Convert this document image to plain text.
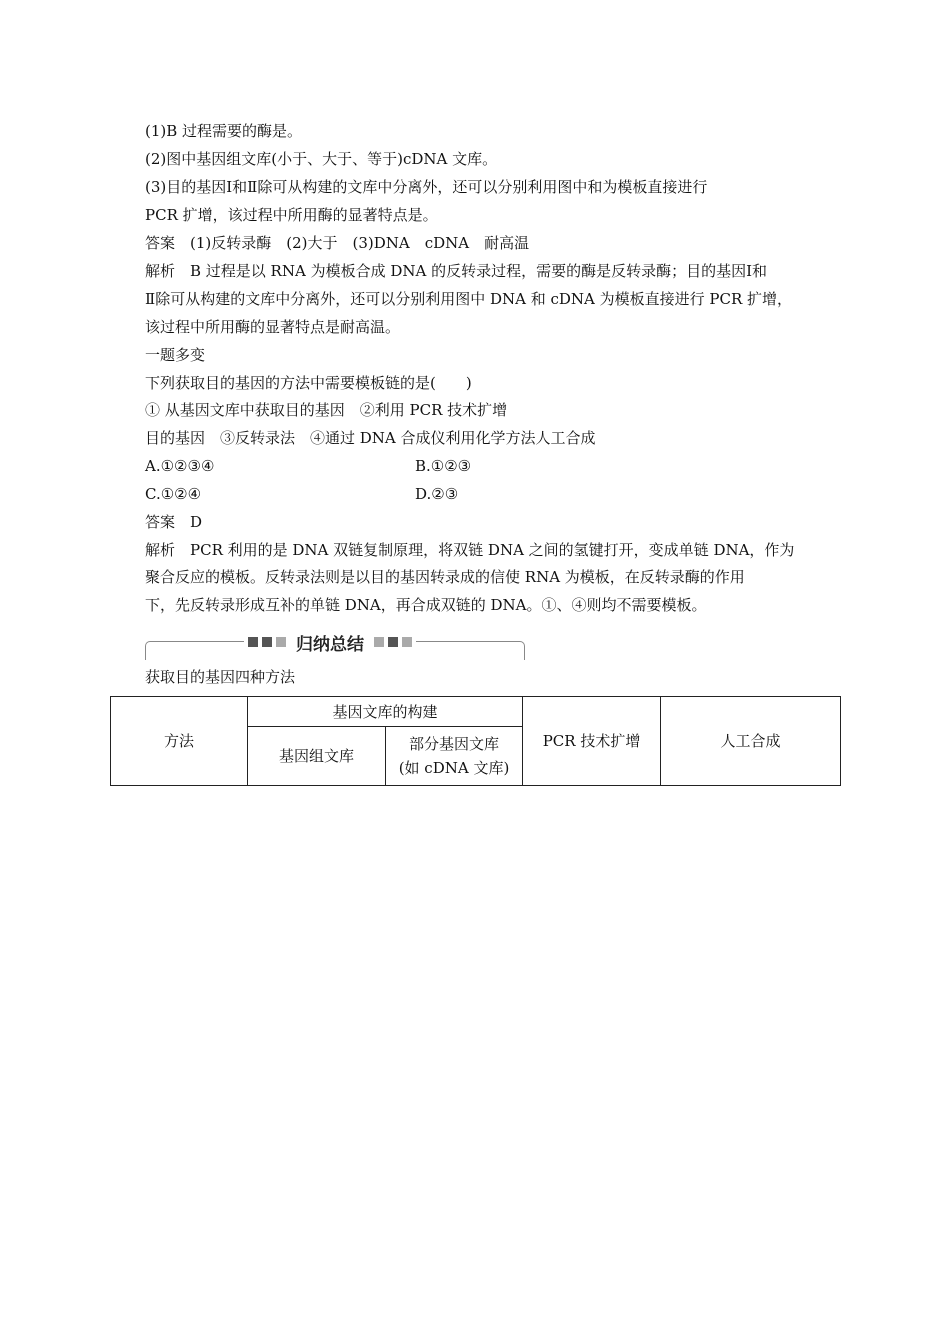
(1)B 过程需要的酶是。
(2)图中基因组文库(小于、大于、等于)cDNA 文库。
(3)目的基因Ⅰ和Ⅱ除可从构建的文库中分离外，还可以分别利用图中和为模板直接进行
PCR 扩增，该过程中所用酶的显著特点是。
答案　(1)反转录酶　(2)大于　(3)DNA　cDNA　耐高温
解析　B 过程是以 RNA 为模板合成 DNA 的反转录过程，需要的酶是反转录酶；目的基因Ⅰ和
Ⅱ除可从构建的文库中分离外，还可以分别利用图中 DNA 和 cDNA 为模板直接进行 PCR 扩增，
该过程中所用酶的显著特点是耐高温。
一题多变
下列获取目的基因的方法中需要模板链的是(　　)
① 从基因文库中获取目的基因　②利用 PCR 技术扩增
目的基因　③反转录法　④通过 DNA 合成仪利用化学方法人工合成
A.①②③④	B.①②③
C.①②④	D.②③
答案　D
解析　PCR 利用的是 DNA 双链复制原理，将双链 DNA 之间的氢键打开，变成单链 DNA，作为
聚合反应的模板。反转录法则是以目的基因转录成的信使 RNA 为模板，在反转录酶的作用
下，先反转录形成互补的单链 DNA，再合成双链的 DNA。①、④则均不需要模板。
归纳总结
获取目的基因四种方法
方法	基因文库的构建		PCR 技术扩增	人工合成
	基因组文库	部分基因文库
(如 cDNA 文库)		
